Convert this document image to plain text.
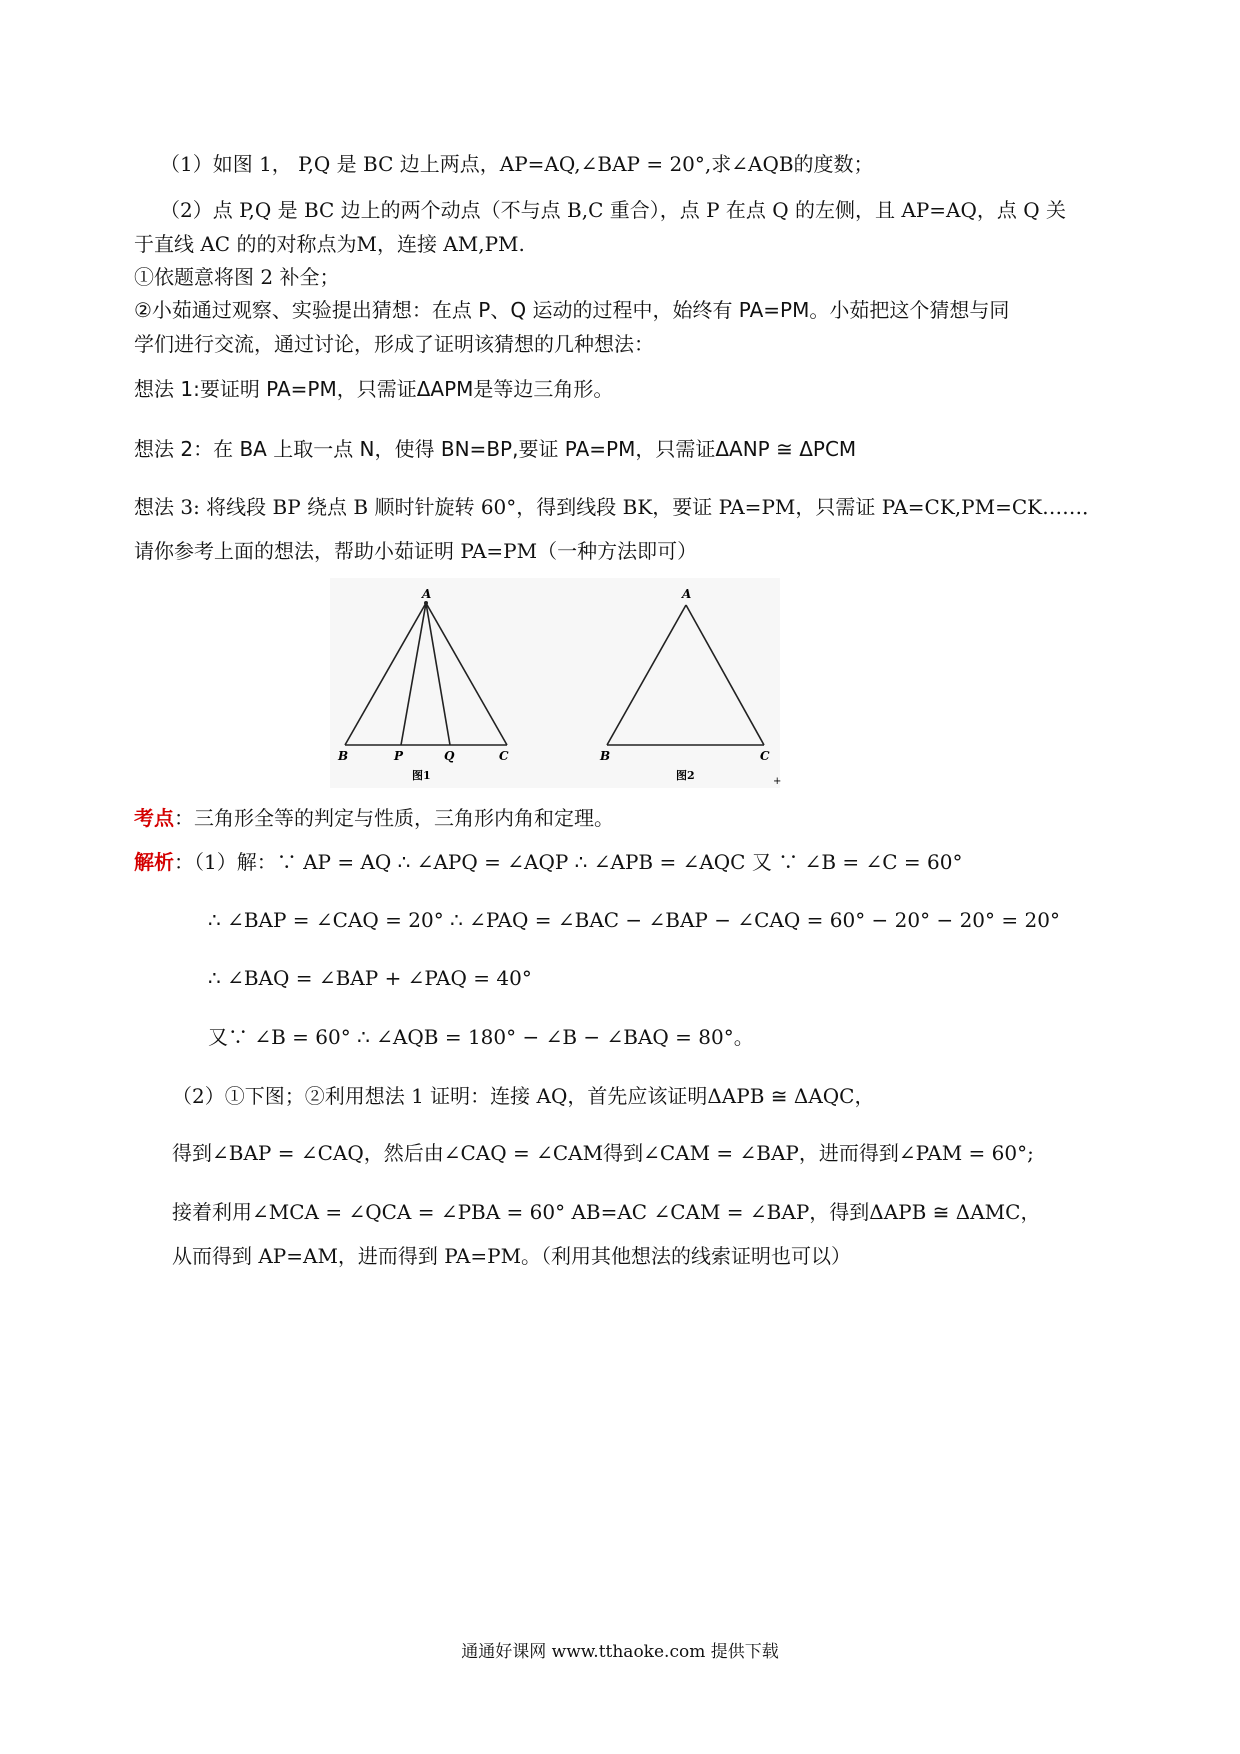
（1）如图 1， P,Q 是 BC 边上两点，AP=AQ,∠BAP = 20°,求∠AQB的度数；
（2）点 P,Q 是 BC 边上的两个动点（不与点 B,C 重合），点 P 在点 Q 的左侧，且 AP=AQ，点 Q 关
于直线 AC 的的对称点为M，连接 AM,PM.
①依题意将图 2 补全；
②小茹通过观察、实验提出猜想：在点 P、Q 运动的过程中，始终有 PA=PM。小茹把这个猜想与同
学们进行交流，通过讨论，形成了证明该猜想的几种想法：
想法 1:要证明 PA=PM，只需证ΔAPM是等边三角形。
想法 2：在 BA 上取一点 N，使得 BN=BP,要证 PA=PM，只需证ΔANP ≅ ΔPCM
想法 3: 将线段 BP 绕点 B 顺时针旋转 60°，得到线段 BK，要证 PA=PM，只需证 PA=CK,PM=CK……．
请你参考上面的想法，帮助小茹证明 PA=PM（一种方法即可）
A
B	P	Q	C
图1
A
B	C
图2	+
考点：三角形全等的判定与性质，三角形内角和定理。
解析：（1）解：∵ AP = AQ ∴ ∠APQ = ∠AQP ∴ ∠APB = ∠AQC 又 ∵ ∠B = ∠C = 60°
∴ ∠BAP = ∠CAQ = 20° ∴ ∠PAQ = ∠BAC − ∠BAP − ∠CAQ = 60° − 20° − 20° = 20°
∴ ∠BAQ = ∠BAP + ∠PAQ = 40°
又∵ ∠B = 60° ∴ ∠AQB = 180° − ∠B − ∠BAQ = 80°。
（2）①下图；②利用想法 1 证明：连接 AQ，首先应该证明ΔAPB ≅ ΔAQC，
得到∠BAP = ∠CAQ，然后由∠CAQ = ∠CAM得到∠CAM = ∠BAP，进而得到∠PAM = 60°;
接着利用∠MCA = ∠QCA = ∠PBA = 60° AB=AC ∠CAM = ∠BAP，得到ΔAPB ≅ ΔAMC，
从而得到 AP=AM，进而得到 PA=PM。（利用其他想法的线索证明也可以）
通通好课网 www.tthaoke.com 提供下载
